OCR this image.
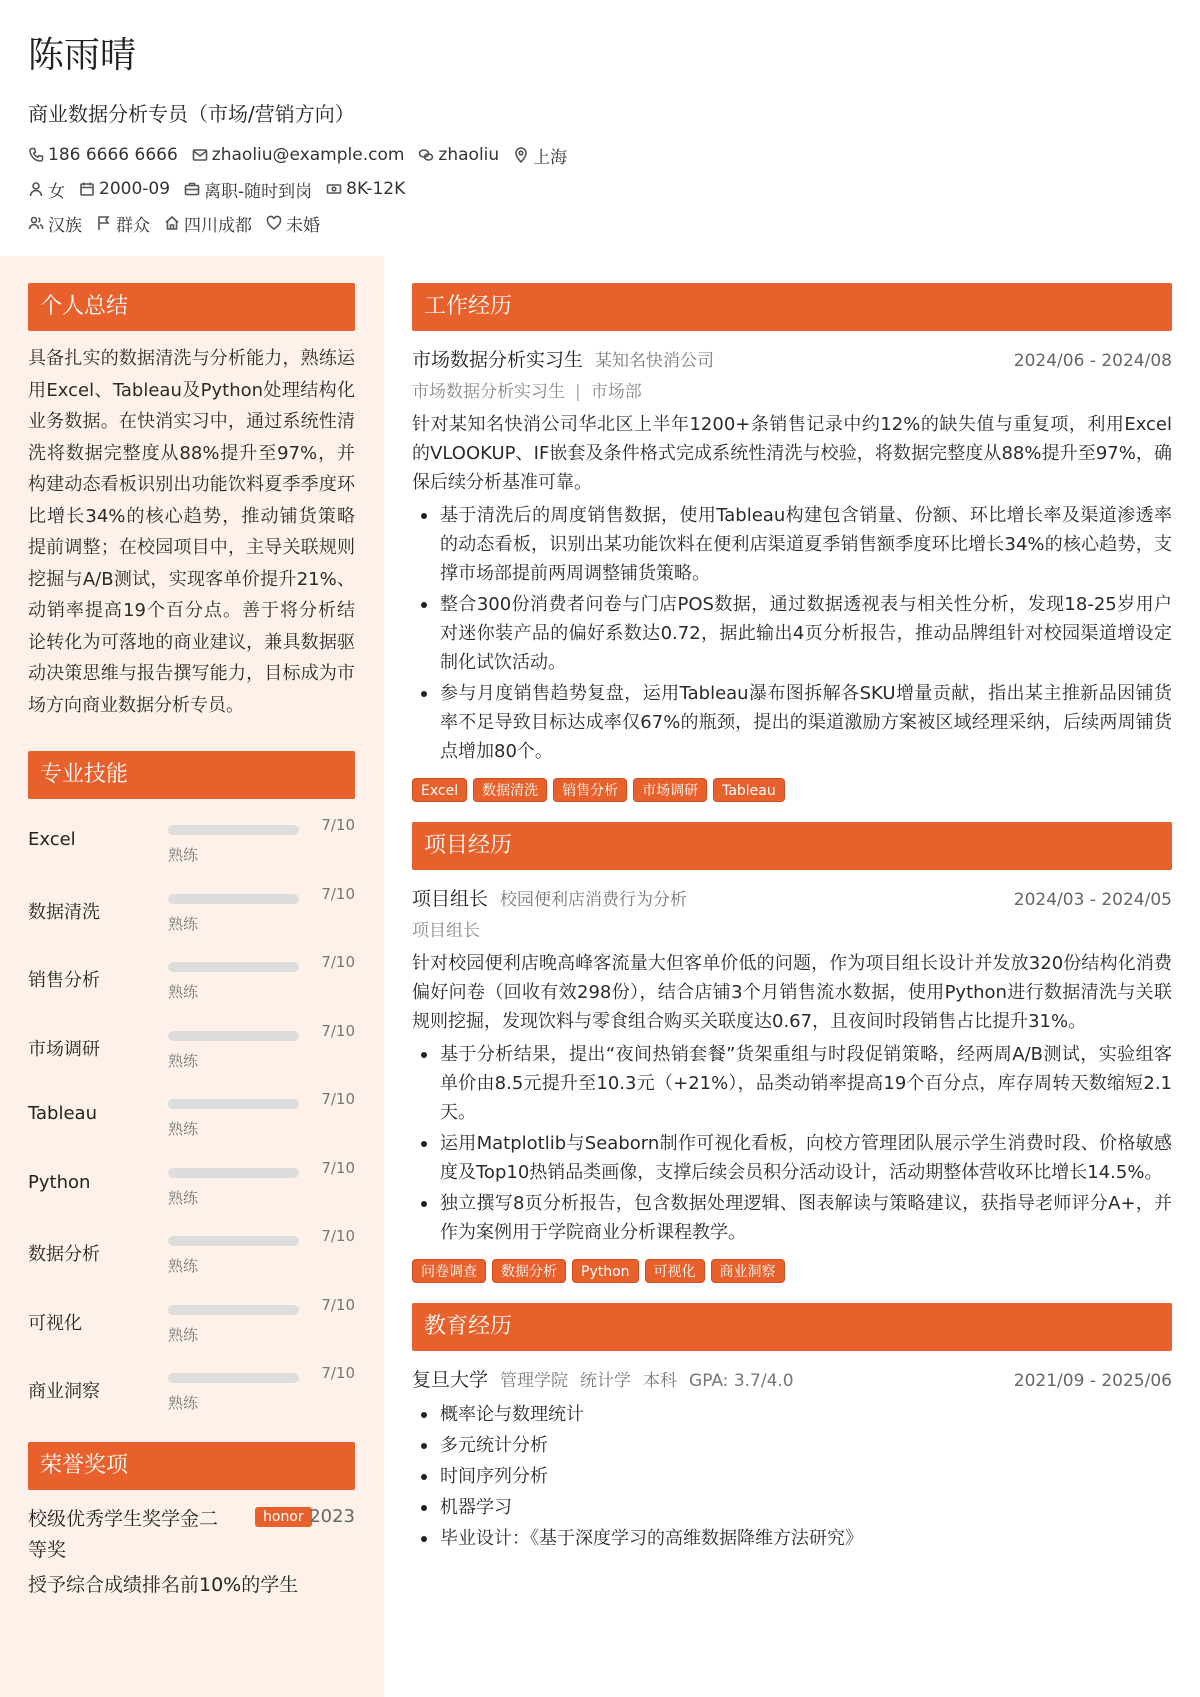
陈雨晴
商业数据分析专员（市场/营销方向）
186 6666 6666 zhaoliu@example.com zhaoliu 上海
女 2000-09 离职-随时到岗 8K-12K
汉族 群众 四川成都 未婚
个人总结
具备扎实的数据清洗与分析能力，熟练运用Excel、Tableau及Python处理结构化业务数据。在快消实习中，通过系统性清洗将数据完整度从88%提升至97%，并构建动态看板识别出功能饮料夏季季度环比增长34%的核心趋势，推动铺货策略提前调整；在校园项目中，主导关联规则挖掘与A/B测试，实现客单价提升21%、动销率提高19个百分点。善于将分析结论转化为可落地的商业建议，兼具数据驱动决策思维与报告撰写能力，目标成为市场方向商业数据分析专员。
专业技能
Excel
7/10
熟练
数据清洗
7/10
熟练
销售分析
7/10
熟练
市场调研
7/10
熟练
Tableau
7/10
熟练
Python
7/10
熟练
数据分析
7/10
熟练
可视化
7/10
熟练
商业洞察
7/10
熟练
荣誉奖项
校级优秀学生奖学金二等奖
honor 2023
授予综合成绩排名前10%的学生
工作经历
市场数据分析实习生 某知名快消公司	2024/06 - 2024/08
市场数据分析实习生 | 市场部
针对某知名快消公司华北区上半年1200+条销售记录中约12%的缺失值与重复项，利用Excel的VLOOKUP、IF嵌套及条件格式完成系统性清洗与校验，将数据完整度从88%提升至97%，确保后续分析基准可靠。
基于清洗后的周度销售数据，使用Tableau构建包含销量、份额、环比增长率及渠道渗透率的动态看板，识别出某功能饮料在便利店渠道夏季销售额季度环比增长34%的核心趋势，支撑市场部提前两周调整铺货策略。
整合300份消费者问卷与门店POS数据，通过数据透视表与相关性分析，发现18-25岁用户对迷你装产品的偏好系数达0.72，据此输出4页分析报告，推动品牌组针对校园渠道增设定制化试饮活动。
参与月度销售趋势复盘，运用Tableau瀑布图拆解各SKU增量贡献，指出某主推新品因铺货率不足导致目标达成率仅67%的瓶颈，提出的渠道激励方案被区域经理采纳，后续两周铺货点增加80个。
Excel	数据清洗	销售分析	市场调研	Tableau
项目经历
项目组长 校园便利店消费行为分析	2024/03 - 2024/05
项目组长
针对校园便利店晚高峰客流量大但客单价低的问题，作为项目组长设计并发放320份结构化消费偏好问卷（回收有效298份），结合店铺3个月销售流水数据，使用Python进行数据清洗与关联规则挖掘，发现饮料与零食组合购买关联度达0.67，且夜间时段销售占比提升31%。
基于分析结果，提出“夜间热销套餐”货架重组与时段促销策略，经两周A/B测试，实验组客单价由8.5元提升至10.3元（+21%），品类动销率提高19个百分点，库存周转天数缩短2.1天。
运用Matplotlib与Seaborn制作可视化看板，向校方管理团队展示学生消费时段、价格敏感度及Top10热销品类画像，支撑后续会员积分活动设计，活动期整体营收环比增长14.5%。
独立撰写8页分析报告，包含数据处理逻辑、图表解读与策略建议，获指导老师评分A+，并作为案例用于学院商业分析课程教学。
问卷调查	数据分析	Python	可视化	商业洞察
教育经历
复旦大学 管理学院 统计学 本科 GPA: 3.7/4.0	2021/09 - 2025/06
概率论与数理统计
多元统计分析
时间序列分析
机器学习
毕业设计：《基于深度学习的高维数据降维方法研究》
